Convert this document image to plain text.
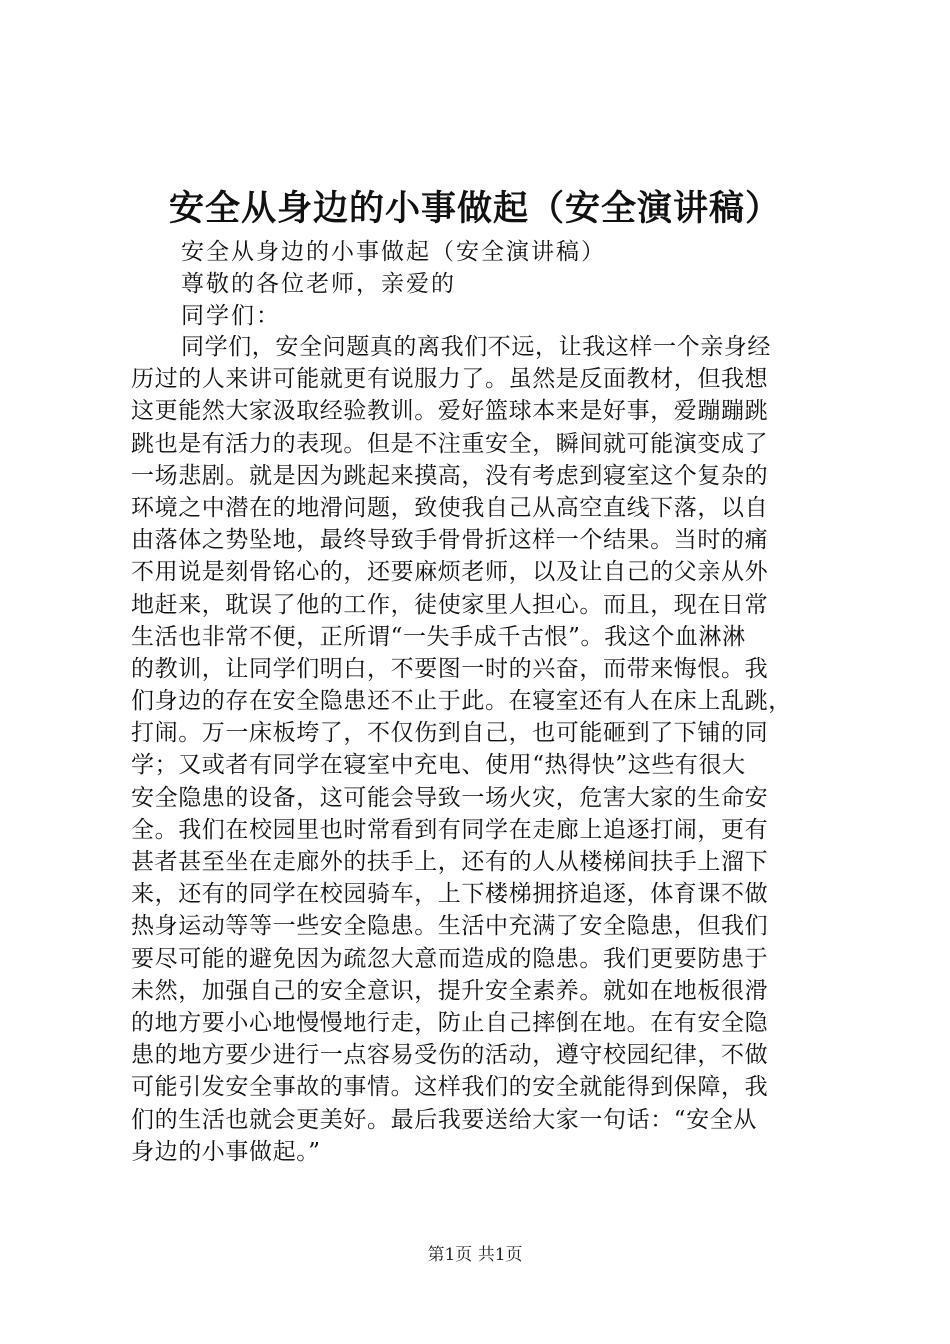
安全从身边的小事做起（安全演讲稿）
安全从身边的小事做起（安全演讲稿）
尊敬的各位老师，亲爱的
同学们：
同学们，安全问题真的离我们不远，让我这样一个亲身经
历过的人来讲可能就更有说服力了。虽然是反面教材，但我想
这更能然大家汲取经验教训。爱好篮球本来是好事，爱蹦蹦跳
跳也是有活力的表现。但是不注重安全，瞬间就可能演变成了
一场悲剧。就是因为跳起来摸高，没有考虑到寝室这个复杂的
环境之中潜在的地滑问题，致使我自己从高空直线下落，以自
由落体之势坠地，最终导致手骨骨折这样一个结果。当时的痛
不用说是刻骨铭心的，还要麻烦老师，以及让自己的父亲从外
地赶来，耽误了他的工作，徒使家里人担心。而且，现在日常
生活也非常不便，正所谓“一失手成千古恨”。我这个血淋淋
的教训，让同学们明白，不要图一时的兴奋，而带来悔恨。我
们身边的存在安全隐患还不止于此。在寝室还有人在床上乱跳，
打闹。万一床板垮了，不仅伤到自己，也可能砸到了下铺的同
学；又或者有同学在寝室中充电、使用“热得快”这些有很大
安全隐患的设备，这可能会导致一场火灾，危害大家的生命安
全。我们在校园里也时常看到有同学在走廊上追逐打闹，更有
甚者甚至坐在走廊外的扶手上，还有的人从楼梯间扶手上溜下
来，还有的同学在校园骑车，上下楼梯拥挤追逐，体育课不做
热身运动等等一些安全隐患。生活中充满了安全隐患，但我们
要尽可能的避免因为疏忽大意而造成的隐患。我们更要防患于
未然，加强自己的安全意识，提升安全素养。就如在地板很滑
的地方要小心地慢慢地行走，防止自己摔倒在地。在有安全隐
患的地方要少进行一点容易受伤的活动，遵守校园纪律，不做
可能引发安全事故的事情。这样我们的安全就能得到保障，我
们的生活也就会更美好。最后我要送给大家一句话：“安全从
身边的小事做起。”
第1页 共1页
